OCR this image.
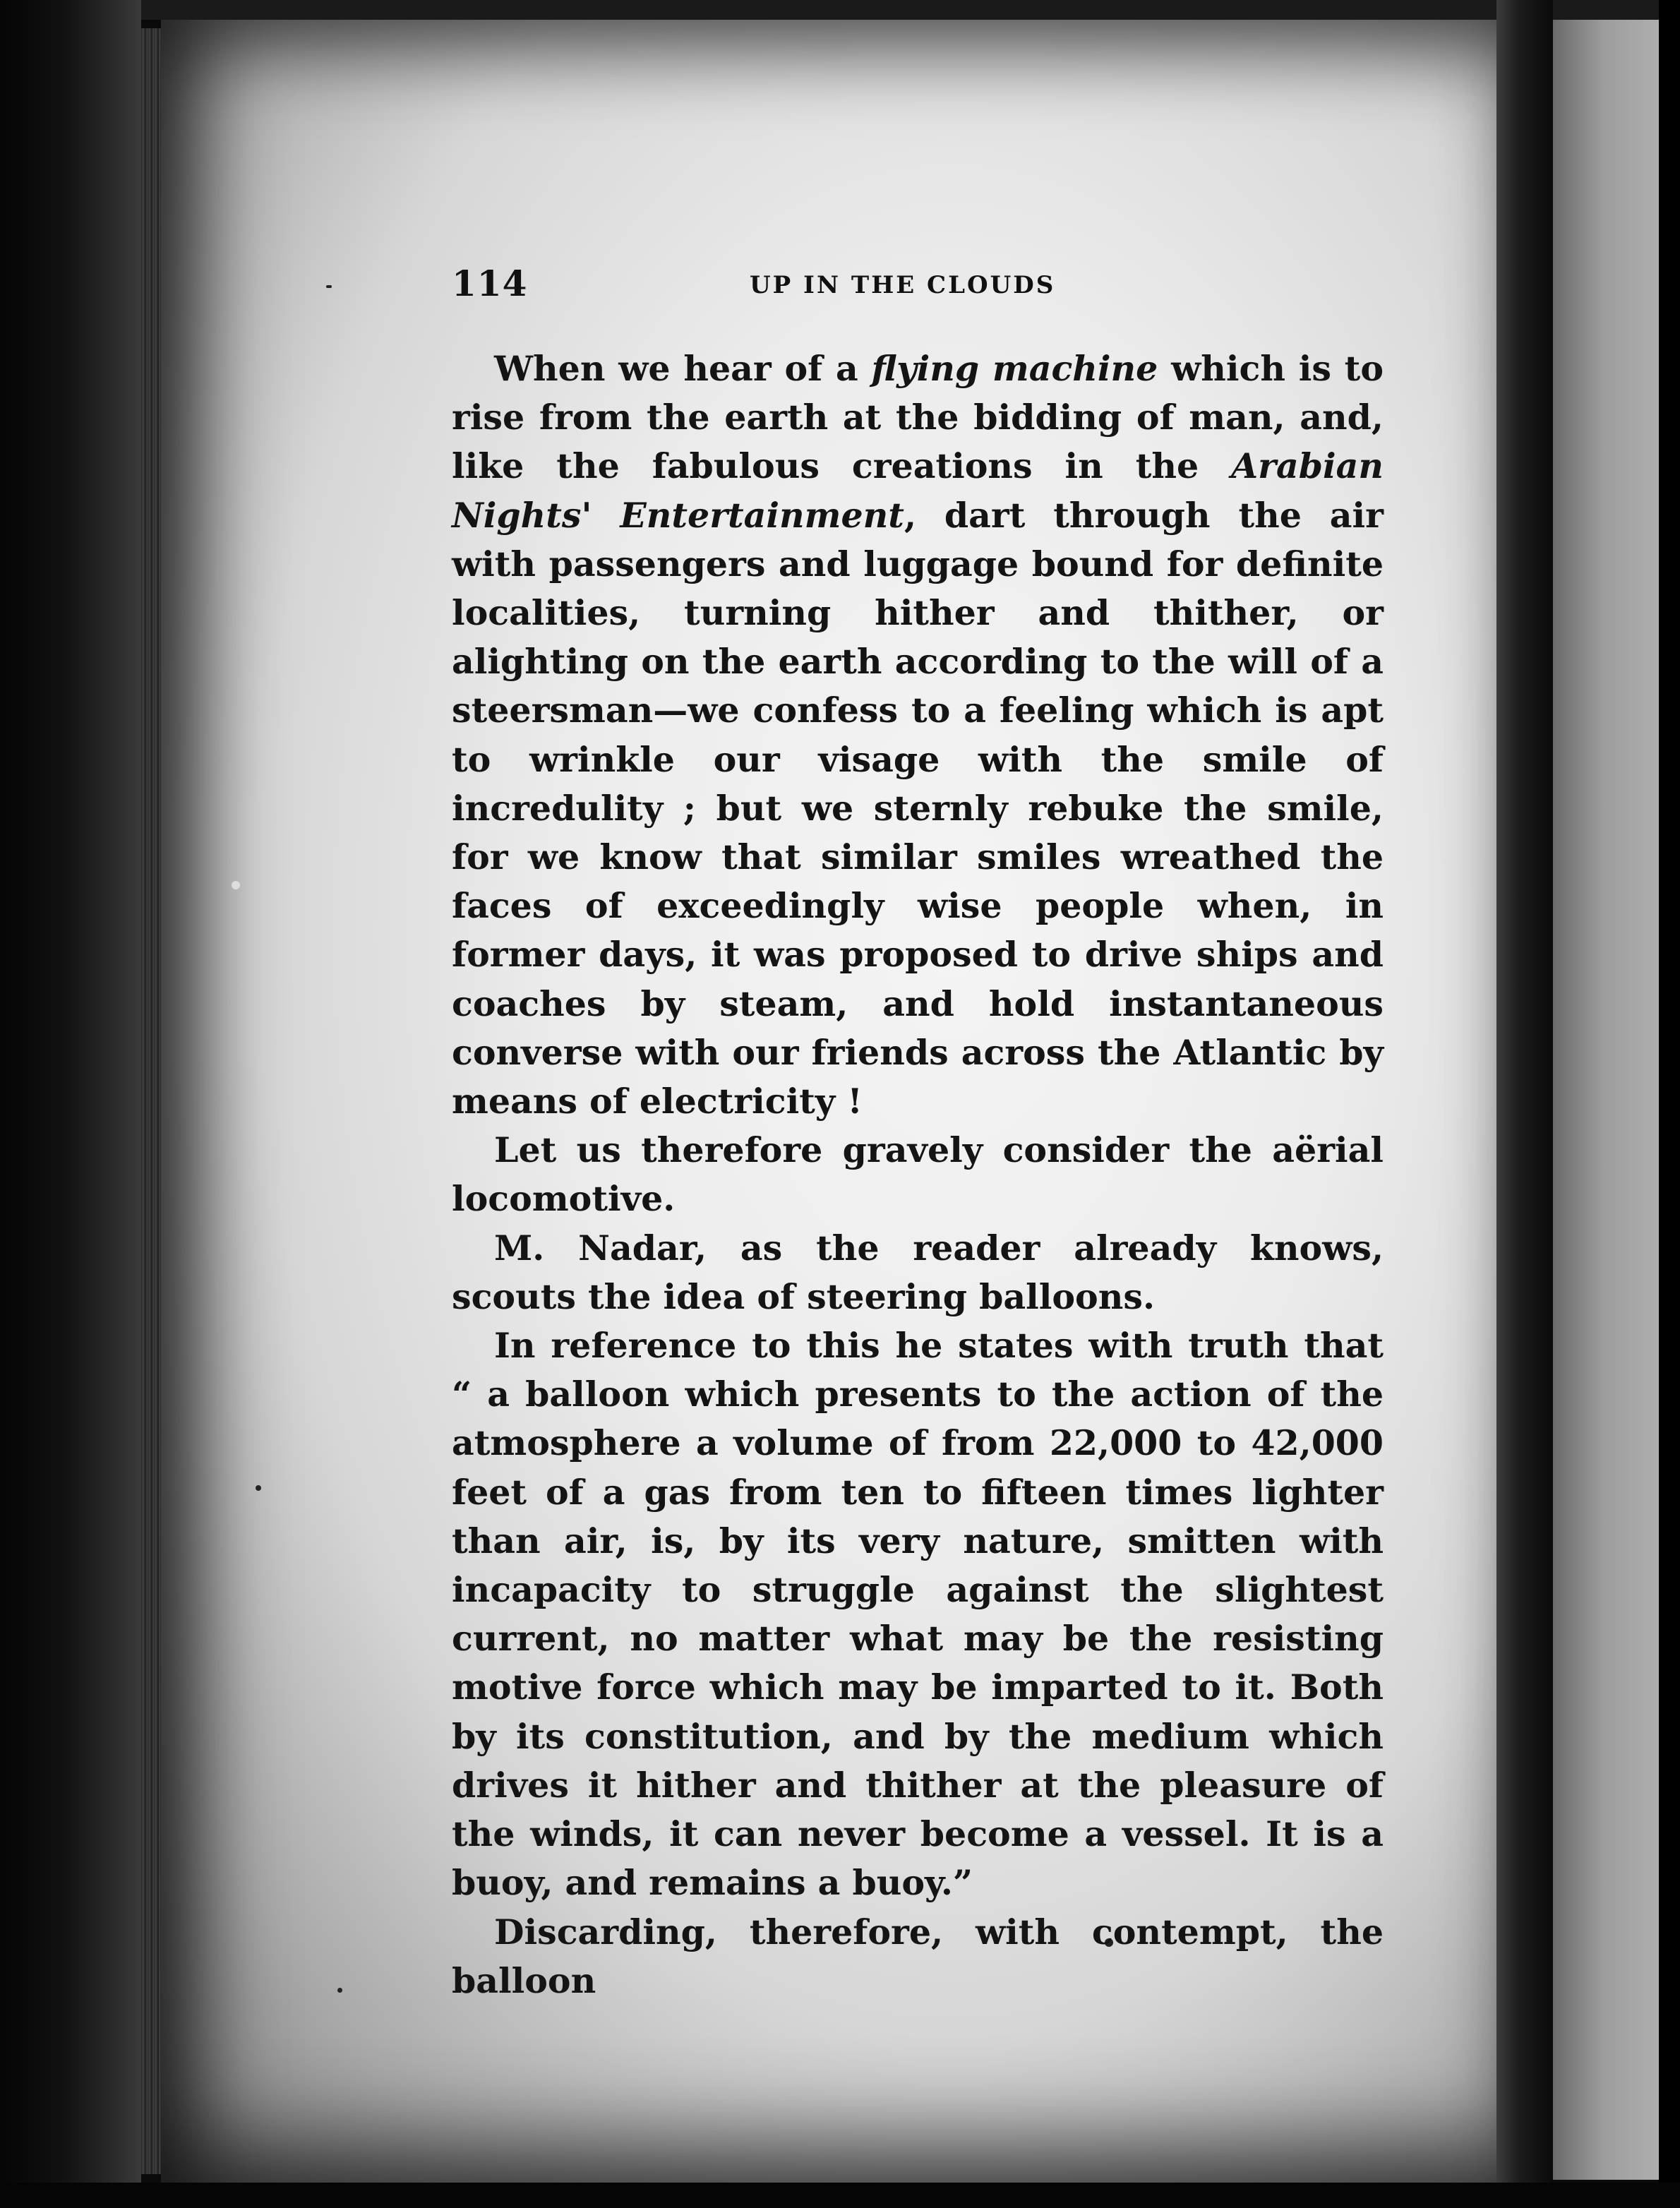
114	UP IN THE CLOUDS

When we hear of a flying machine which is to rise from the earth at the bidding of man, and, like the fabulous creations in the Arabian Nights' Entertainment, dart through the air with passengers and luggage bound for definite localities, turning hither and thither, or alighting on the earth according to the will of a steersman—we confess to a feeling which is apt to wrinkle our visage with the smile of incredulity ; but we sternly rebuke the smile, for we know that similar smiles wreathed the faces of exceedingly wise people when, in former days, it was proposed to drive ships and coaches by steam, and hold instantaneous converse with our friends across the Atlantic by means of electricity !

Let us therefore gravely consider the aërial locomotive.

M. Nadar, as the reader already knows, scouts the idea of steering balloons.

In reference to this he states with truth that “ a balloon which presents to the action of the atmosphere a volume of from 22,000 to 42,000 feet of a gas from ten to fifteen times lighter than air, is, by its very nature, smitten with incapacity to struggle against the slightest current, no matter what may be the resisting motive force which may be imparted to it. Both by its constitution, and by the medium which drives it hither and thither at the pleasure of the winds, it can never become a vessel. It is a buoy, and remains a buoy.”

Discarding, therefore, with contempt, the balloon
